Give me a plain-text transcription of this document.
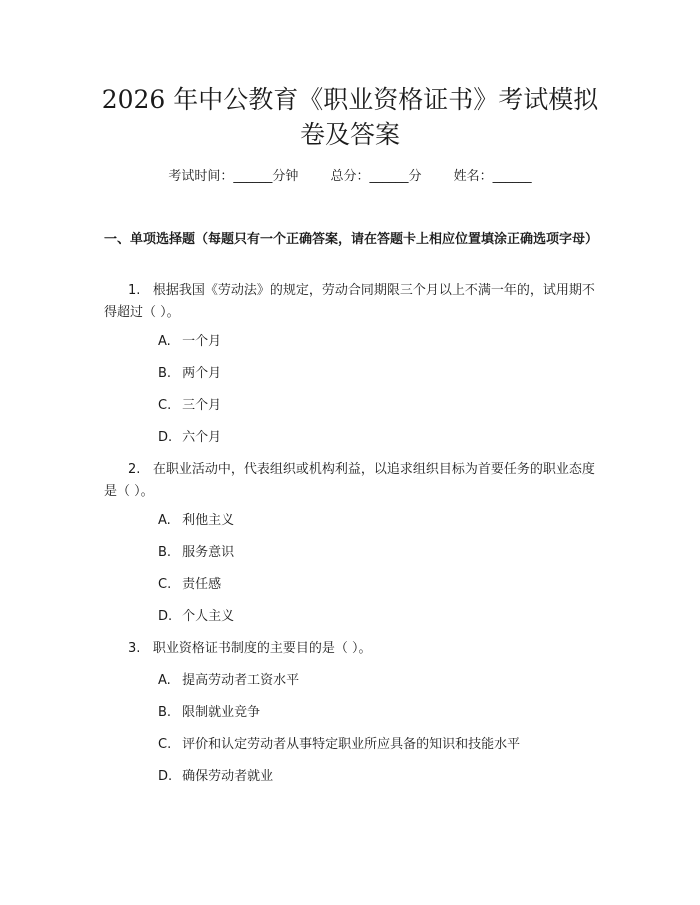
2026 年中公教育《职业资格证书》考试模拟
卷及答案
考试时间：______分钟 总分：______分 姓名：______
一、单项选择题（每题只有一个正确答案，请在答题卡上相应位置填涂正确选项字母）
1. 根据我国《劳动法》的规定，劳动合同期限三个月以上不满一年的，试用期不得超过（ ）。
A. 一个月
B. 两个月
C. 三个月
D. 六个月
2. 在职业活动中，代表组织或机构利益，以追求组织目标为首要任务的职业态度是（ ）。
A. 利他主义
B. 服务意识
C. 责任感
D. 个人主义
3. 职业资格证书制度的主要目的是（ ）。
A. 提高劳动者工资水平
B. 限制就业竞争
C. 评价和认定劳动者从事特定职业所应具备的知识和技能水平
D. 确保劳动者就业
